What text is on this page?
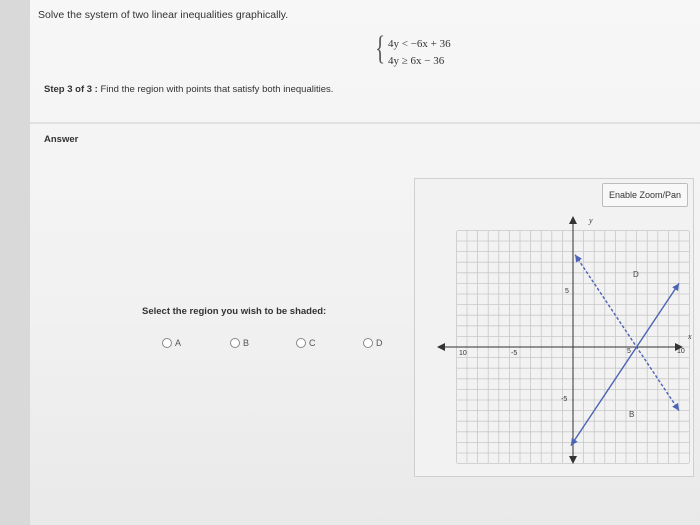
Solve the system of two linear inequalities graphically.
{ 4y < −6x + 36
4y ≥ 6x − 36
Step 3 of 3 : Find the region with points that satisfy both inequalities.
Answer
Select the region you wish to be shaded:
A	B	C	D
Enable Zoom/Pan
y
x
10	-5	5	10
5
-5
D
B
